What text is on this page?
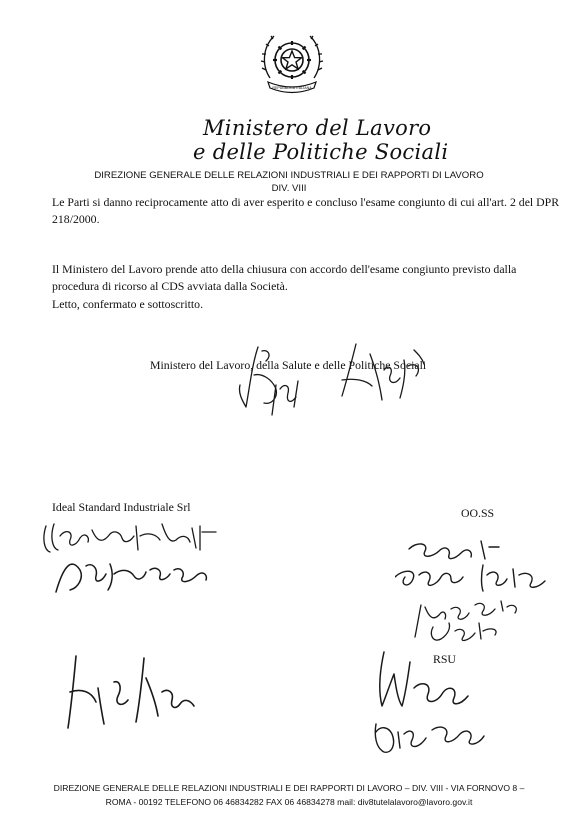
REPUBBLICA ITALIANA
Ministero del Lavoro
e delle Politiche Sociali
DIREZIONE GENERALE DELLE RELAZIONI INDUSTRIALI E DEI RAPPORTI DI LAVORO
DIV. VIII
Le Parti si danno reciprocamente atto di aver esperito e concluso l'esame congiunto di cui all'art. 2 del DPR 218/2000.
Il Ministero del Lavoro prende atto della chiusura con accordo dell'esame congiunto previsto dalla procedura di ricorso al CDS avviata dalla Società.
Letto, confermato e sottoscritto.
Ministero del Lavoro, della Salute e delle Politiche Sociali
Ideal Standard Industriale Srl	OO.SS
RSU
DIREZIONE GENERALE DELLE RELAZIONI INDUSTRIALI E DEI RAPPORTI DI LAVORO – DIV. VIII - VIA FORNOVO 8 –
ROMA - 00192 TELEFONO 06 46834282 FAX 06 46834278 mail: div8tutelalavoro@lavoro.gov.it
